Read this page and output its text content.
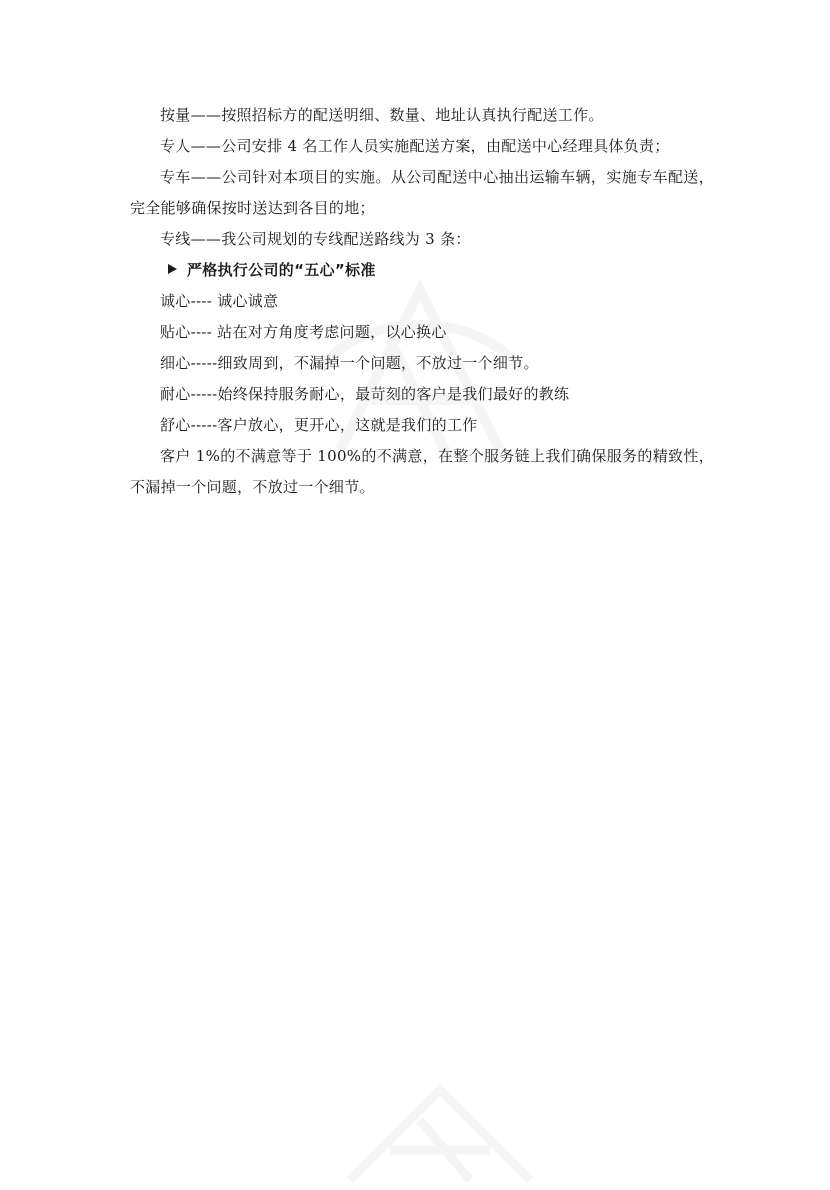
按量——按照招标方的配送明细、数量、地址认真执行配送工作。

专人——公司安排 4 名工作人员实施配送方案，由配送中心经理具体负责；

专车——公司针对本项目的实施。从公司配送中心抽出运输车辆，实施专车配送，完全能够确保按时送达到各目的地；

专线——我公司规划的专线配送路线为 3 条：

严格执行公司的“五心”标准

诚心---- 诚心诚意

贴心---- 站在对方角度考虑问题，以心换心

细心-----细致周到，不漏掉一个问题，不放过一个细节。

耐心-----始终保持服务耐心，最苛刻的客户是我们最好的教练

舒心-----客户放心，更开心，这就是我们的工作

客户 1%的不满意等于 100%的不满意，在整个服务链上我们确保服务的精致性，不漏掉一个问题，不放过一个细节。
